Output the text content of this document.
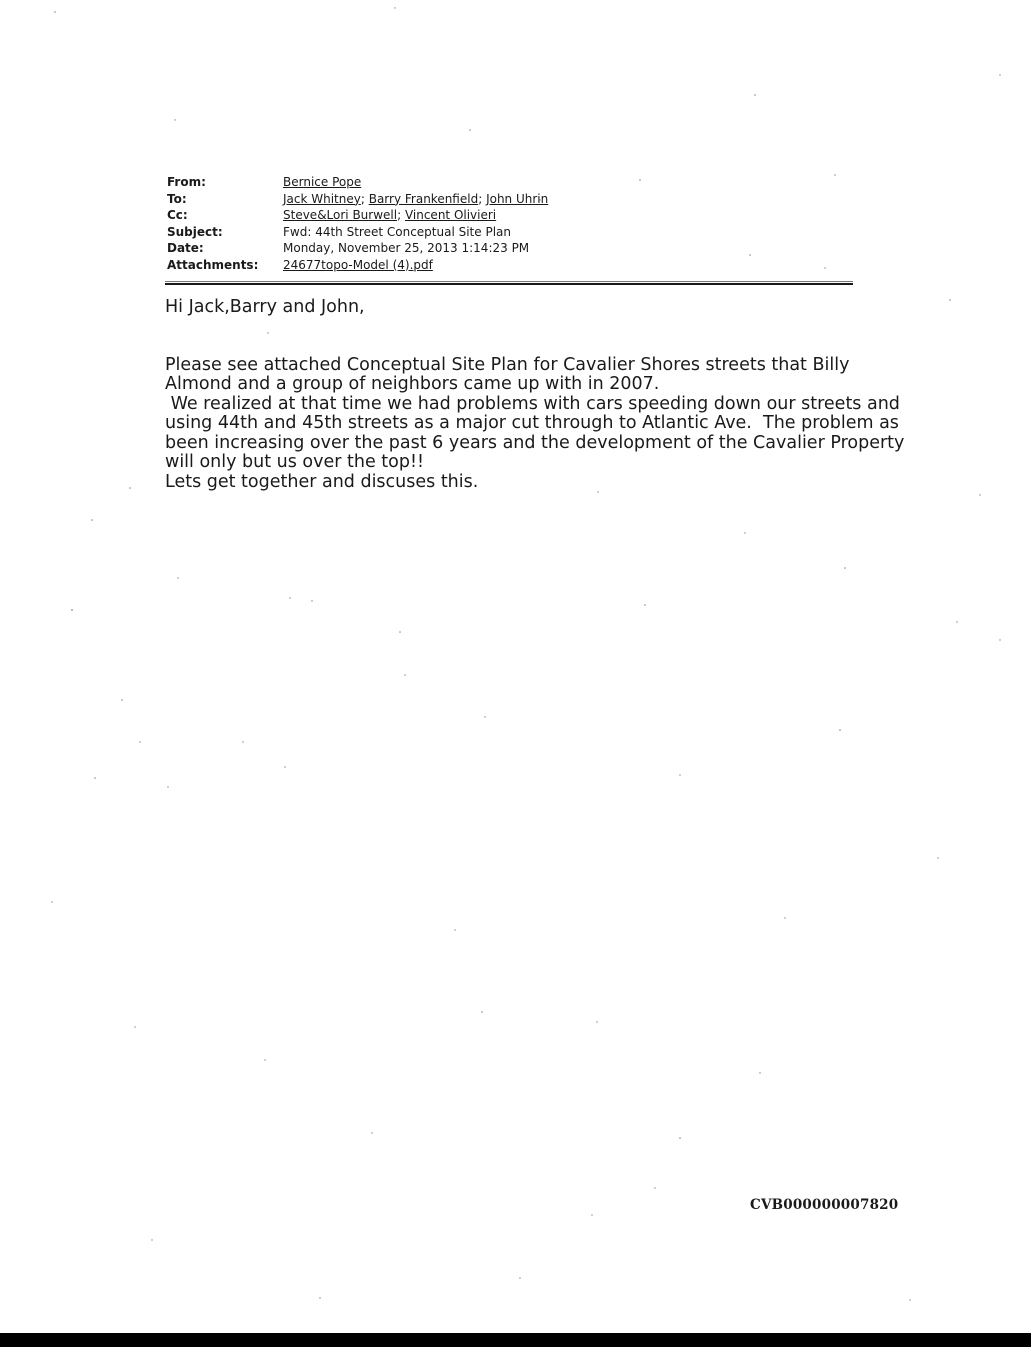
From:	Bernice Pope
To:	Jack Whitney; Barry Frankenfield; John Uhrin
Cc:	Steve&Lori Burwell; Vincent Olivieri
Subject:	Fwd: 44th Street Conceptual Site Plan
Date:	Monday, November 25, 2013 1:14:23 PM
Attachments:	24677topo-Model (4).pdf
Hi Jack,Barry and John,

Please see attached Conceptual Site Plan for Cavalier Shores streets that Billy

Almond and a group of neighbors came up with in 2007.

We realized at that time we had problems with cars speeding down our streets and

using 44th and 45th streets as a major cut through to Atlantic Ave.  The problem as

been increasing over the past 6 years and the development of the Cavalier Property

will only but us over the top!!

Lets get together and discuses this.

CVB000000007820
